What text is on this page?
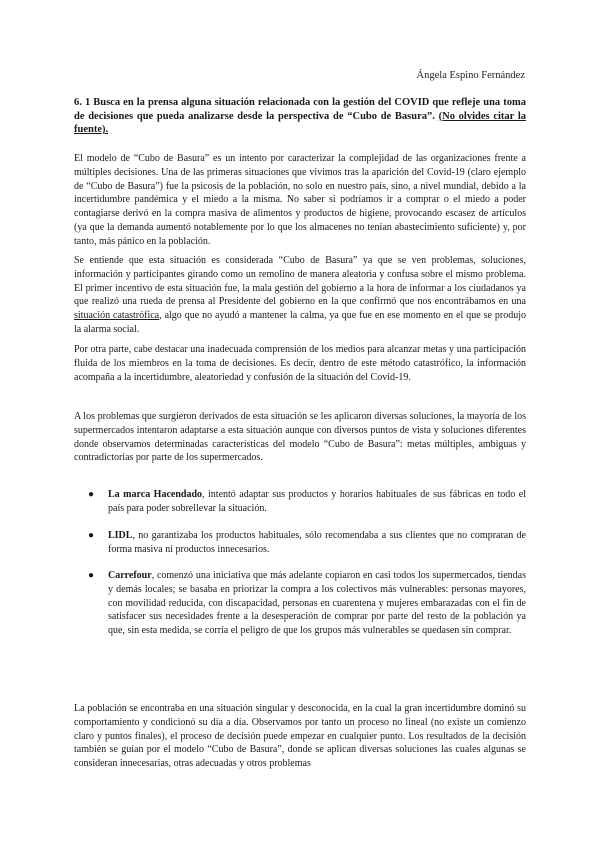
Ángela Espino Fernández
6. 1 Busca en la prensa alguna situación relacionada con la gestión del COVID que refleje una toma de decisiones que pueda analizarse desde la perspectiva de “Cubo de Basura”. (No olvides citar la fuente).

El modelo de “Cubo de Basura” es un intento por caracterizar la complejidad de las organizaciones frente a múltiples decisiones. Una de las primeras situaciones que vivimos tras la aparición del Covid-19 (claro ejemplo de “Cubo de Basura”) fue la psicosis de la población, no solo en nuestro país, sino, a nivel mundial, debido a la incertidumbre pandémica y el miedo a la misma. No saber si podríamos ir a comprar o el miedo a poder contagiarse derivó en la compra masiva de alimentos y productos de higiene, provocando escasez de artículos (ya que la demanda aumentó notablemente por lo que los almacenes no tenían abastecimiento suficiente) y, por tanto, más pánico en la población.

Se entiende que esta situación es considerada “Cubo de Basura” ya que se ven problemas, soluciones, información y participantes girando como un remolino de manera aleatoria y confusa sobre el mismo problema. El primer incentivo de esta situación fue, la mala gestión del gobierno a la hora de informar a los ciudadanos ya que realizó una rueda de prensa al Presidente del gobierno en la que confirmó que nos encontrábamos en una situación catastrófica, algo que no ayudó a mantener la calma, ya que fue en ese momento en el que se produjo la alarma social.

Por otra parte, cabe destacar una inadecuada comprensión de los medios para alcanzar metas y una participación fluida de los miembros en la toma de decisiones. Es decir, dentro de este método catastrófico, la información acompaña a la incertidumbre, aleatoriedad y confusión de la situación del Covid-19.

A los problemas que surgieron derivados de esta situación se les aplicaron diversas soluciones, la mayoría de los supermercados intentaron adaptarse a esta situación aunque con diversos puntos de vista y soluciones diferentes donde observamos determinadas características del modelo “Cubo de Basura”: metas múltiples, ambiguas y contradictorias por parte de los supermercados.

● La marca Hacendado, intentó adaptar sus productos y horarios habituales de sus fábricas en todo el país para poder sobrellevar la situación.
● LIDL, no garantizaba los productos habituales, sólo recomendaba a sus clientes que no compraran de forma masiva ni productos innecesarios.
● Carrefour, comenzó una iniciativa que más adelante copiaron en casi todos los supermercados, tiendas y demás locales; se basaba en priorizar la compra a los colectivos más vulnerables: personas mayores, con movilidad reducida, con discapacidad, personas en cuarentena y mujeres embarazadas con el fin de satisfacer sus necesidades frente a la desesperación de comprar por parte del resto de la población ya que, sin esta medida, se corría el peligro de que los grupos más vulnerables se quedasen sin comprar.

La población se encontraba en una situación singular y desconocida, en la cual la gran incertidumbre dominó su comportamiento y condicionó su día a día. Observamos por tanto un proceso no lineal (no existe un comienzo claro y puntos finales), el proceso de decisión puede empezar en cualquier punto. Los resultados de la decisión también se guían por el modelo “Cubo de Basura”, donde se aplican diversas soluciones las cuales algunas se consideran innecesarias, otras adecuadas y otros problemas
